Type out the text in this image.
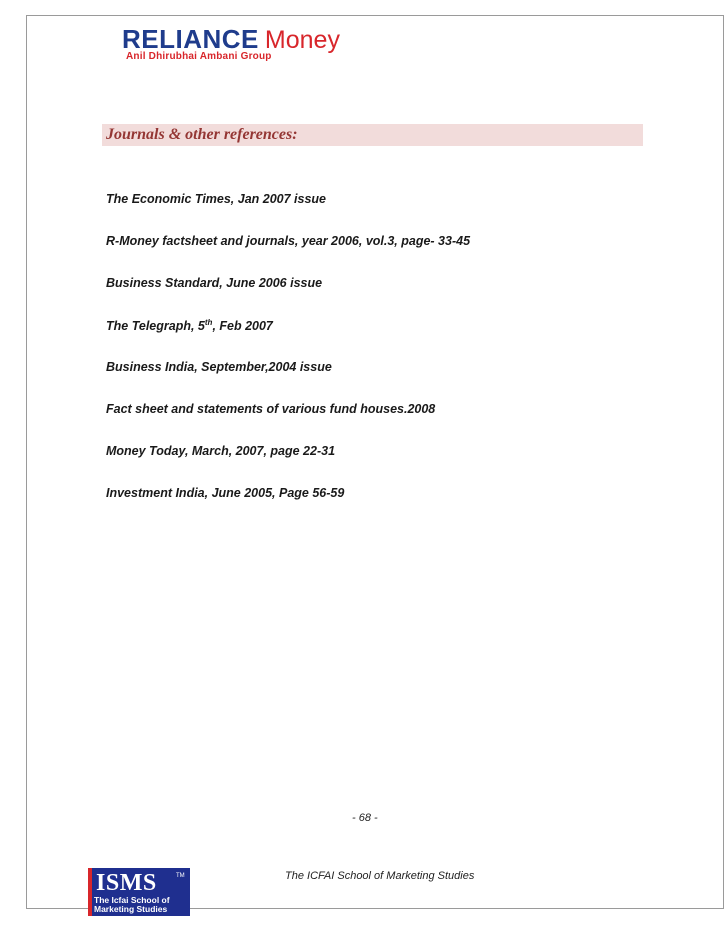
RELIANCE Money
Anil Dhirubhai Ambani Group
Journals & other references:
The Economic Times, Jan 2007 issue
R-Money factsheet and journals, year 2006, vol.3, page- 33-45
Business Standard, June 2006 issue
The Telegraph, 5th, Feb 2007
Business India, September,2004 issue
Fact sheet and statements of various fund houses.2008
Money Today, March, 2007, page 22-31
Investment India, June 2005, Page 56-59
- 68 -
ISMS	TM
The Icfai School of
Marketing Studies
The ICFAI School of Marketing Studies
